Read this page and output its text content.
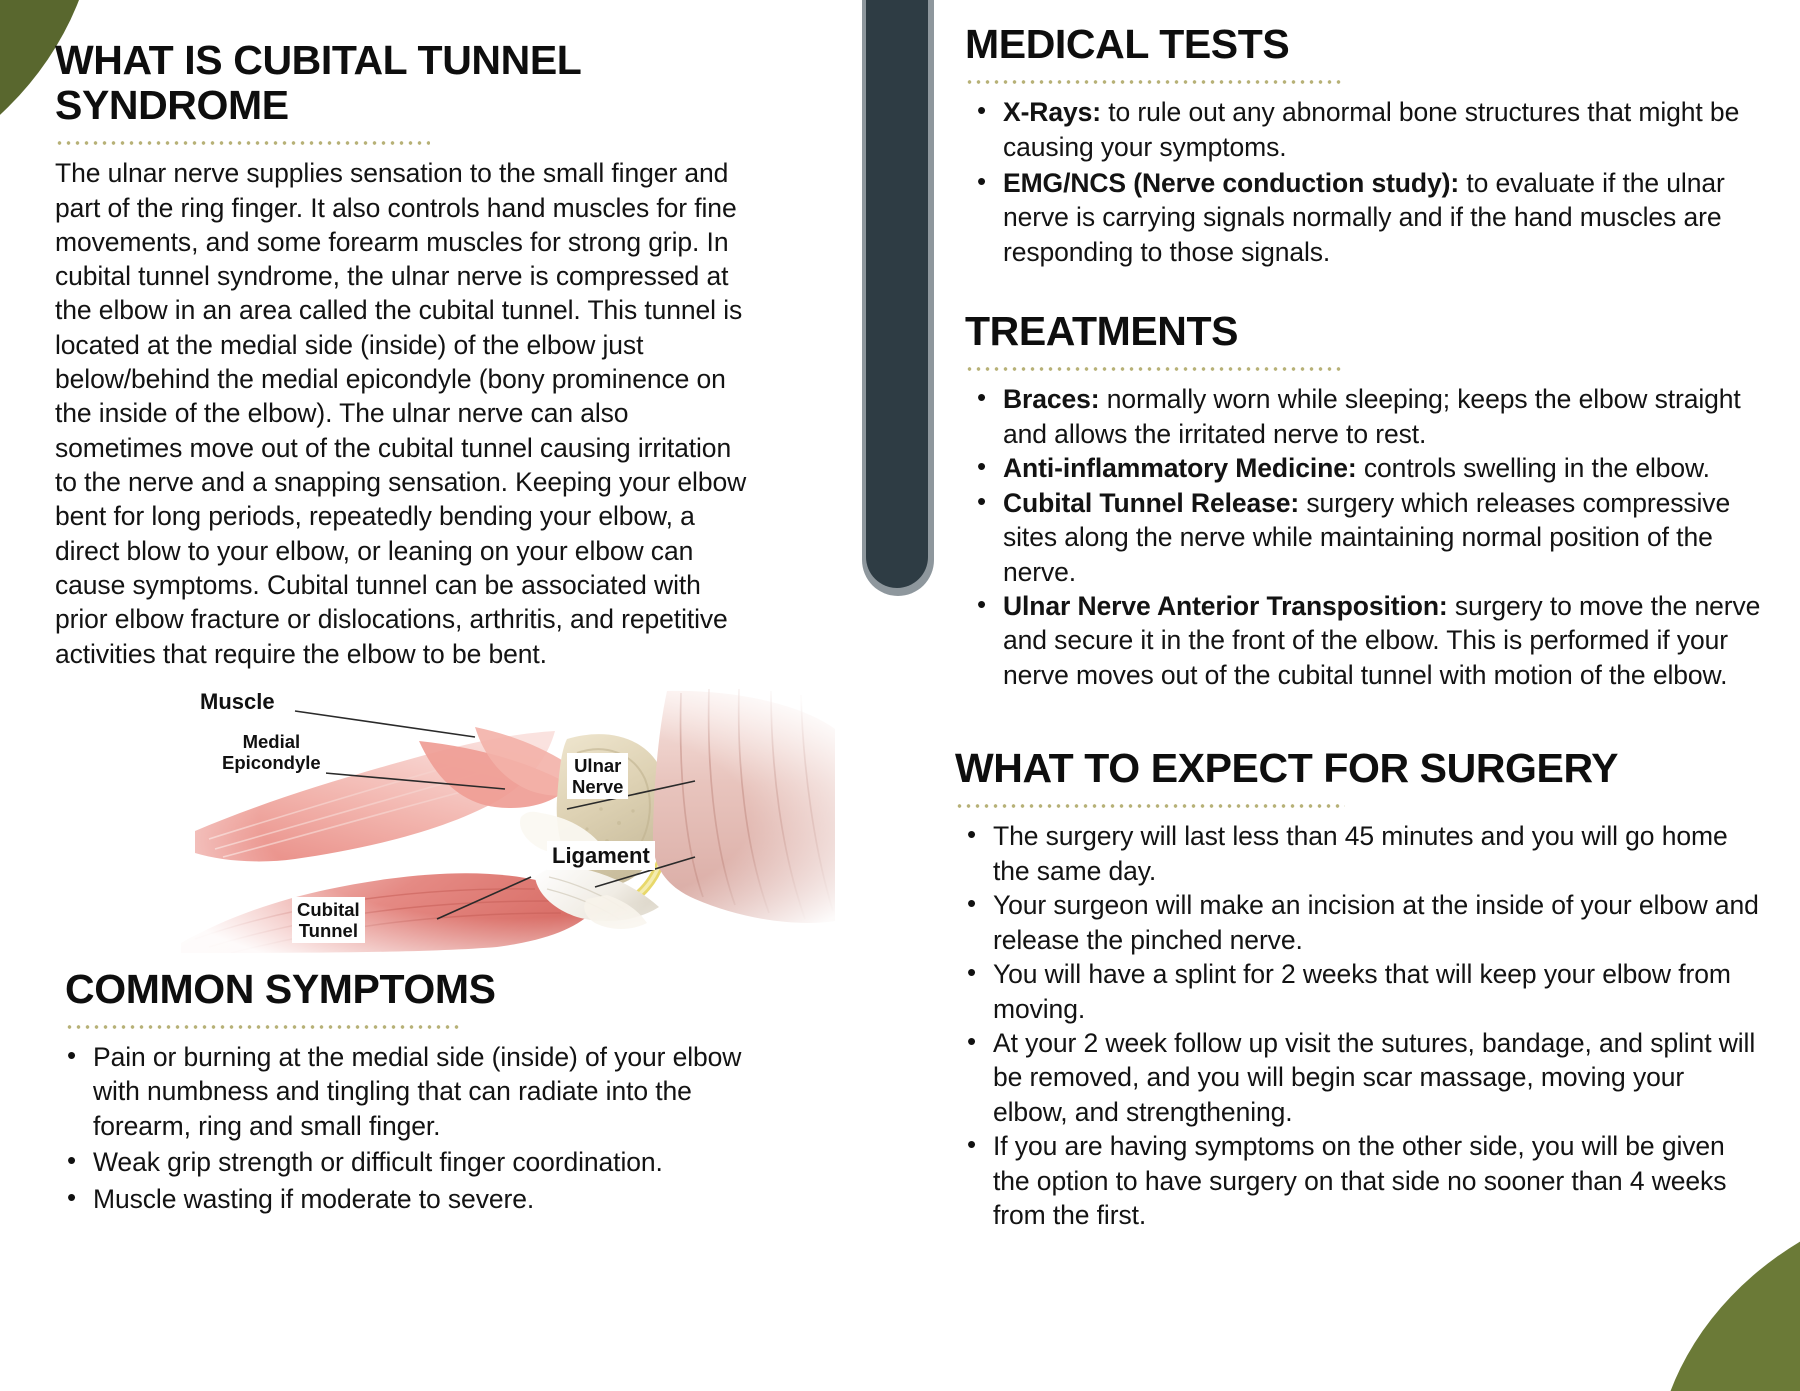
WHAT IS CUBITAL TUNNEL SYNDROME

The ulnar nerve supplies sensation to the small finger and part of the ring finger. It also controls hand muscles for fine movements, and some forearm muscles for strong grip. In cubital tunnel syndrome, the ulnar nerve is compressed at the elbow in an area called the cubital tunnel. This tunnel is located at the medial side (inside) of the elbow just below/behind the medial epicondyle (bony prominence on the inside of the elbow). The ulnar nerve can also sometimes move out of the cubital tunnel causing irritation to the nerve and a snapping sensation. Keeping your elbow bent for long periods, repeatedly bending your elbow, a direct blow to your elbow, or leaning on your elbow can cause symptoms. Cubital tunnel can be associated with prior elbow fracture or dislocations, arthritis, and repetitive activities that require the elbow to be bent.

Muscle
Medial
Epicondyle	Ulnar
Nerve
Ligament
Cubital
Tunnel
COMMON SYMPTOMS
• Pain or burning at the medial side (inside) of your elbow with numbness and tingling that can radiate into the forearm, ring and small finger.
• Weak grip strength or difficult finger coordination.
• Muscle wasting if moderate to severe.
MEDICAL TESTS
• X-Rays: to rule out any abnormal bone structures that might be causing your symptoms.
• EMG/NCS (Nerve conduction study): to evaluate if the ulnar nerve is carrying signals normally and if the hand muscles are responding to those signals.
TREATMENTS
• Braces: normally worn while sleeping; keeps the elbow straight and allows the irritated nerve to rest.
• Anti-inflammatory Medicine: controls swelling in the elbow.
• Cubital Tunnel Release: surgery which releases compressive sites along the nerve while maintaining normal position of the nerve.
• Ulnar Nerve Anterior Transposition: surgery to move the nerve and secure it in the front of the elbow. This is performed if your nerve moves out of the cubital tunnel with motion of the elbow.
WHAT TO EXPECT FOR SURGERY
• The surgery will last less than 45 minutes and you will go home the same day.
• Your surgeon will make an incision at the inside of your elbow and release the pinched nerve.
• You will have a splint for 2 weeks that will keep your elbow from moving.
• At your 2 week follow up visit the sutures, bandage, and splint will be removed, and you will begin scar massage, moving your elbow, and strengthening.
• If you are having symptoms on the other side, you will be given the option to have surgery on that side no sooner than 4 weeks from the first.
